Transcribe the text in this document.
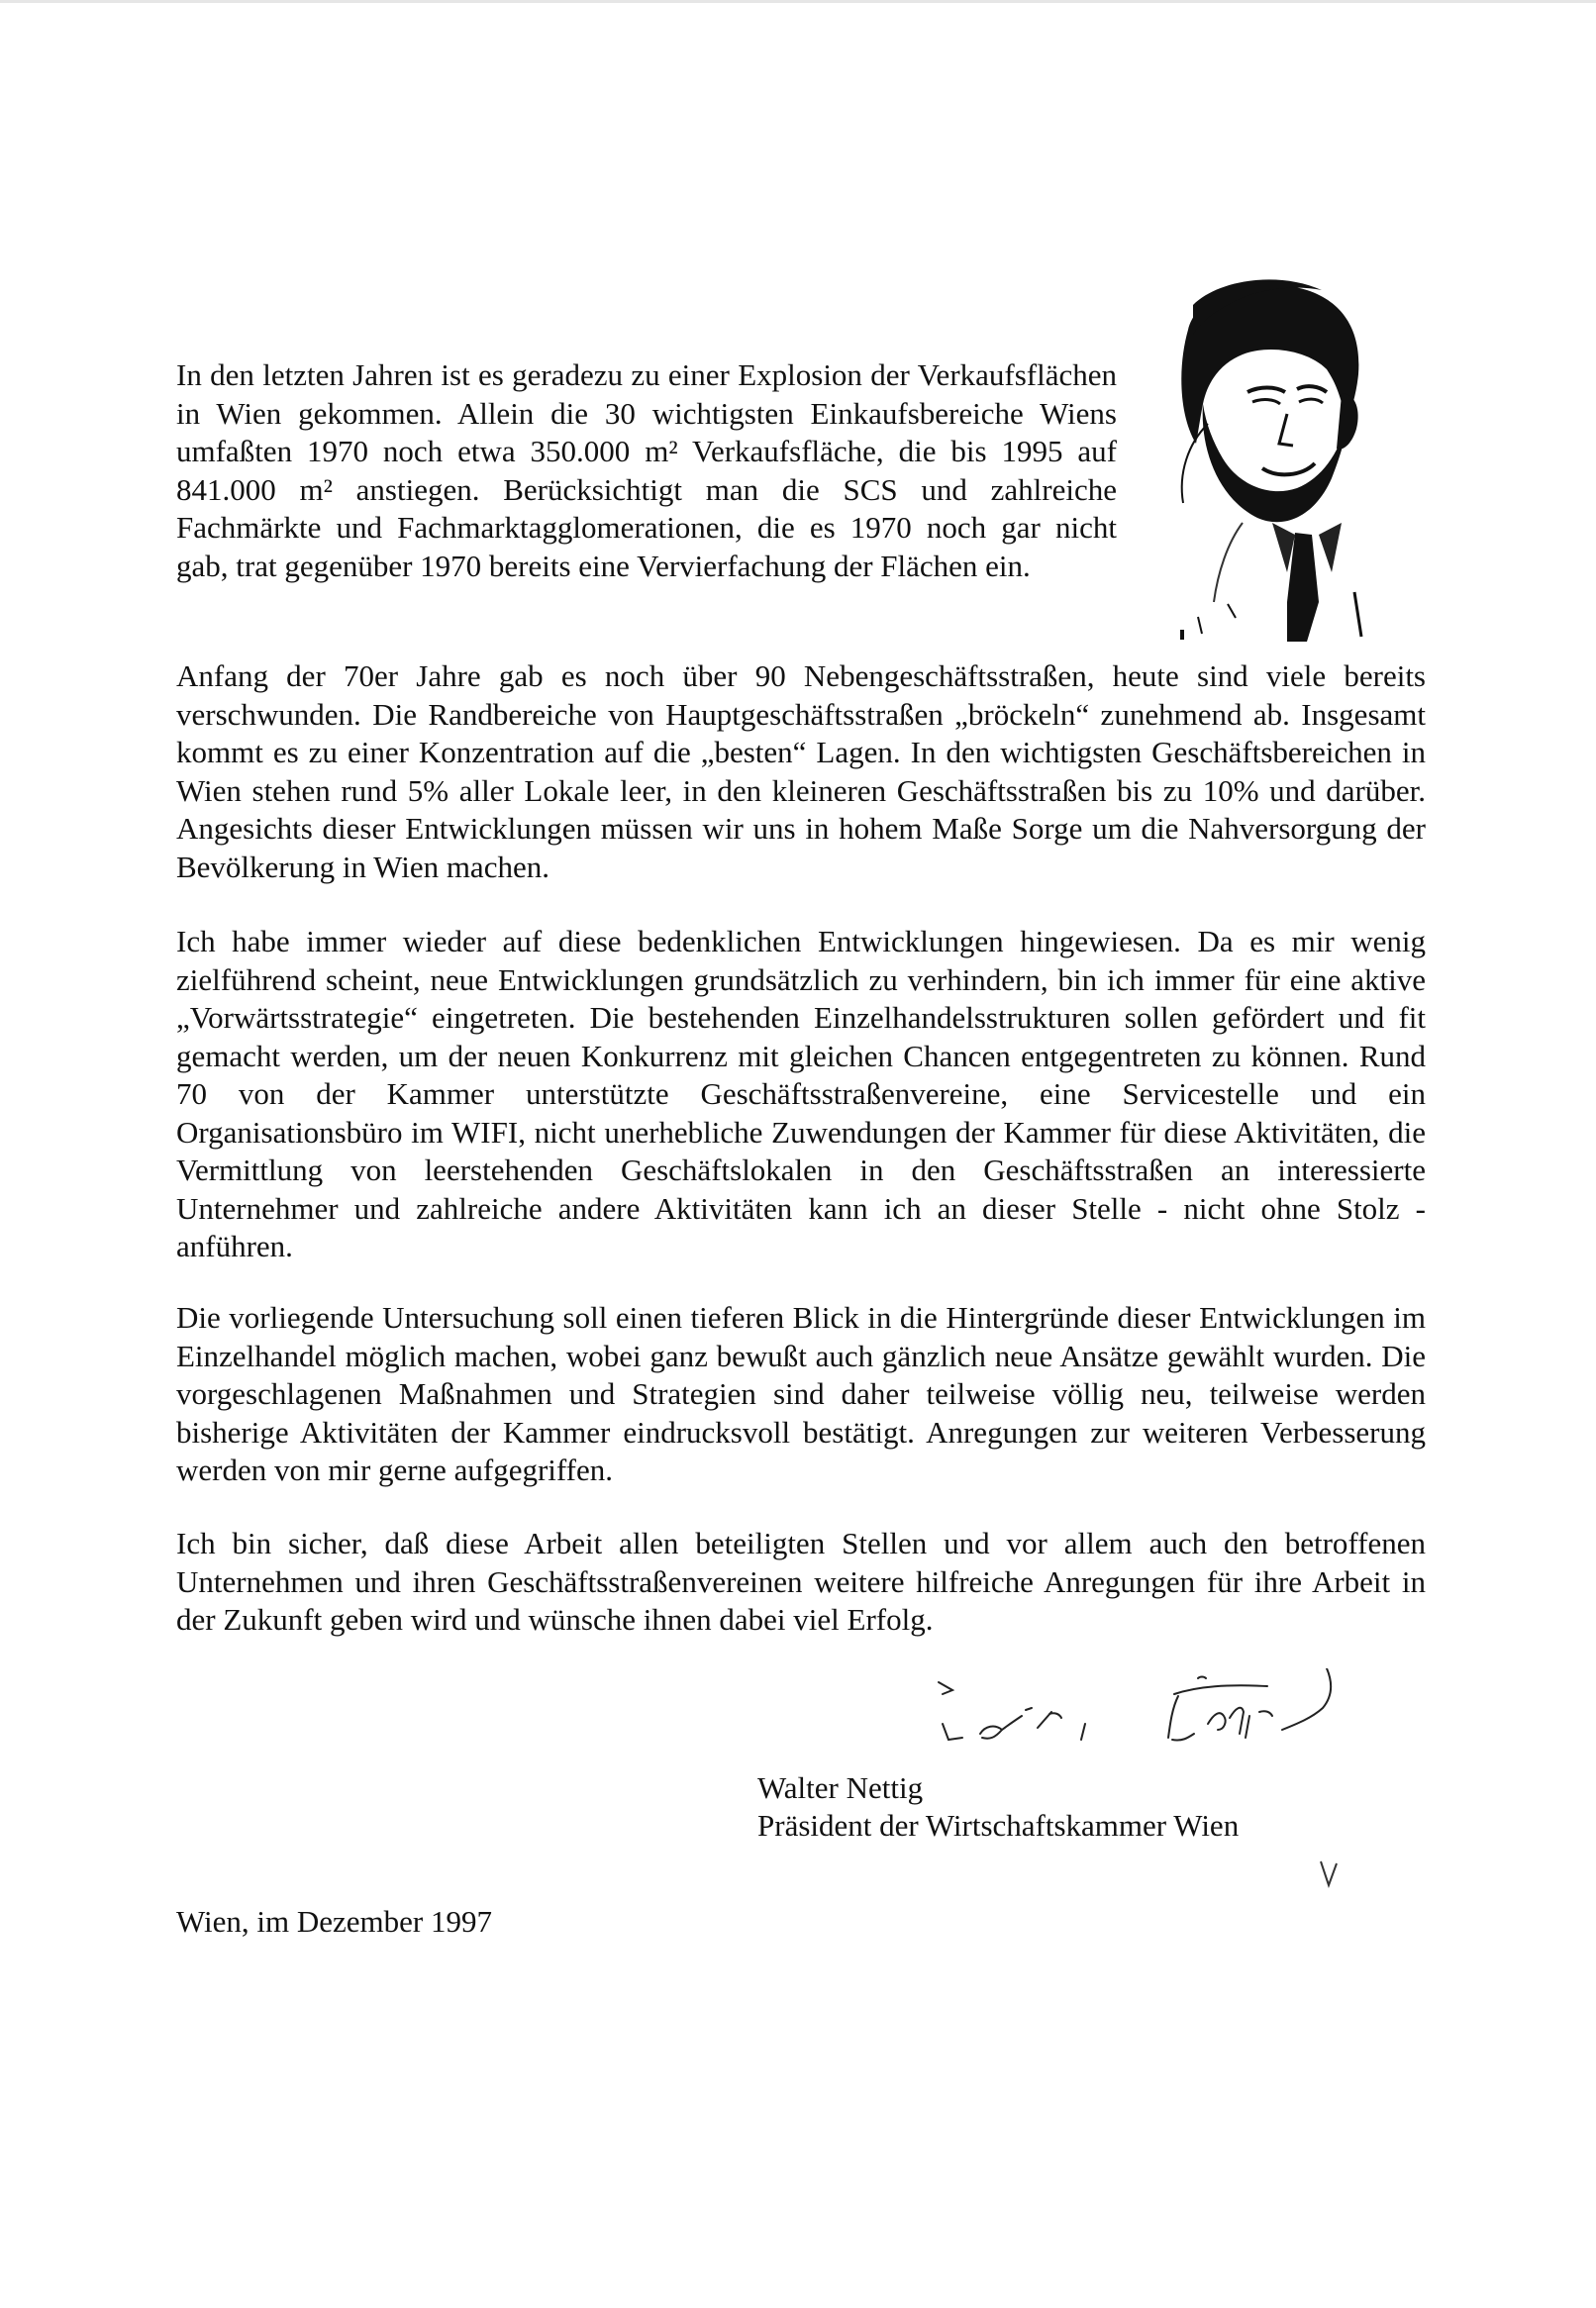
In den letzten Jahren ist es geradezu zu einer Explosion der Verkaufsflächen in Wien gekommen. Allein die 30 wichtigsten Einkaufsbereiche Wiens umfaßten 1970 noch etwa 350.000 m² Verkaufsfläche, die bis 1995 auf 841.000 m² anstiegen. Berücksichtigt man die SCS und zahlreiche Fachmärkte und Fachmarktagglomerationen, die es 1970 noch gar nicht gab, trat gegenüber 1970 bereits eine Vervierfachung der Flächen ein.

Anfang der 70er Jahre gab es noch über 90 Nebengeschäftsstraßen, heute sind viele bereits verschwunden. Die Randbereiche von Hauptgeschäftsstraßen „bröckeln“ zunehmend ab. Insgesamt kommt es zu einer Konzentration auf die „besten“ Lagen. In den wichtigsten Geschäftsbereichen in Wien stehen rund 5% aller Lokale leer, in den kleineren Geschäftsstraßen bis zu 10% und darüber. Angesichts dieser Entwicklungen müssen wir uns in hohem Maße Sorge um die Nahversorgung der Bevölkerung in Wien machen.

Ich habe immer wieder auf diese bedenklichen Entwicklungen hingewiesen. Da es mir wenig zielführend scheint, neue Entwicklungen grundsätzlich zu verhindern, bin ich immer für eine aktive „Vorwärtsstrategie“ eingetreten. Die bestehenden Einzelhandelsstrukturen sollen gefördert und fit gemacht werden, um der neuen Konkurrenz mit gleichen Chancen entgegentreten zu können. Rund 70 von der Kammer unterstützte Geschäftsstraßenvereine, eine Servicestelle und ein Organisationsbüro im WIFI, nicht unerhebliche Zuwendungen der Kammer für diese Aktivitäten, die Vermittlung von leerstehenden Geschäftslokalen in den Geschäftsstraßen an interessierte Unternehmer und zahlreiche andere Aktivitäten kann ich an dieser Stelle - nicht ohne Stolz - anführen.

Die vorliegende Untersuchung soll einen tieferen Blick in die Hintergründe dieser Entwicklungen im Einzelhandel möglich machen, wobei ganz bewußt auch gänzlich neue Ansätze gewählt wurden. Die vorgeschlagenen Maßnahmen und Strategien sind daher teilweise völlig neu, teilweise werden bisherige Aktivitäten der Kammer eindrucksvoll bestätigt. Anregungen zur weiteren Verbesserung werden von mir gerne aufgegriffen.

Ich bin sicher, daß diese Arbeit allen beteiligten Stellen und vor allem auch den betroffenen Unternehmen und ihren Geschäftsstraßenvereinen weitere hilfreiche Anregungen für ihre Arbeit in der Zukunft geben wird und wünsche ihnen dabei viel Erfolg.

Walter Nettig
Präsident der Wirtschaftskammer Wien
Wien, im Dezember 1997
